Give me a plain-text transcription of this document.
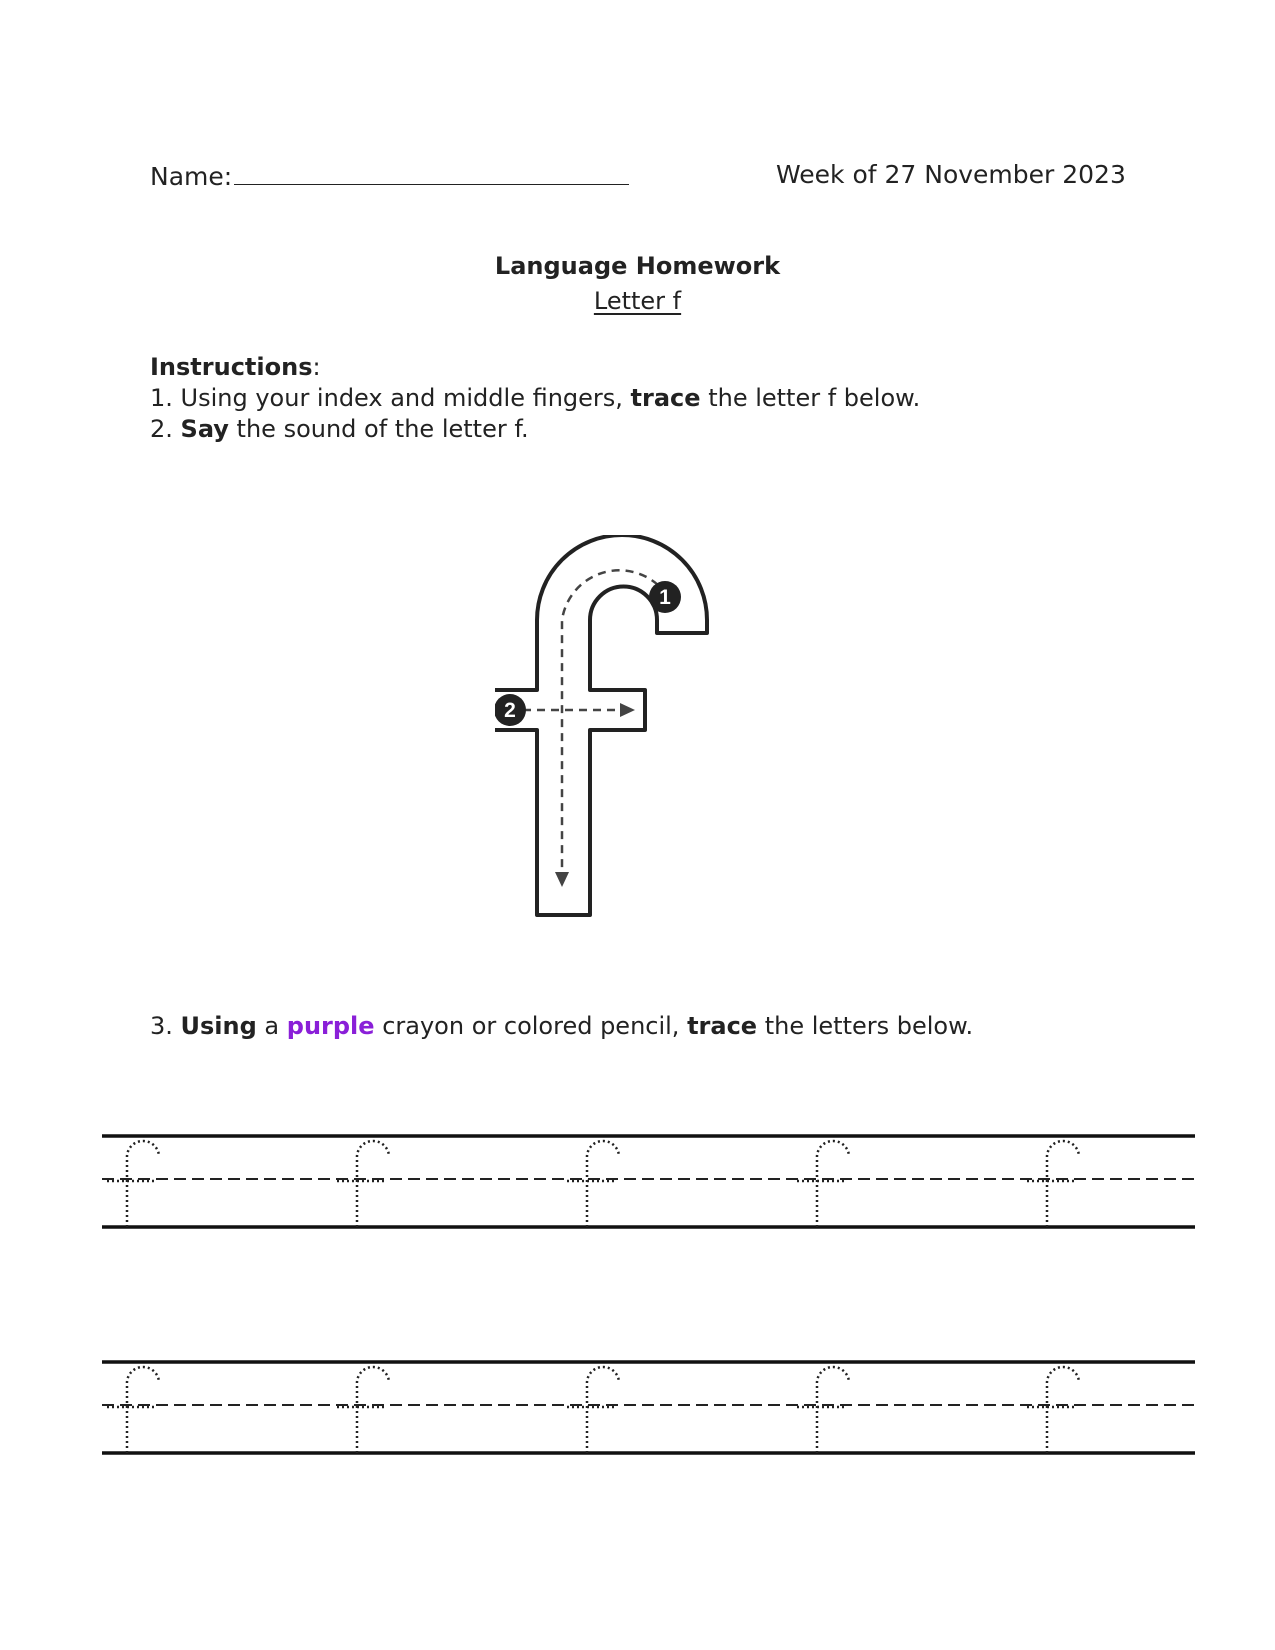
Name:	Week of 27 November 2023
Language Homework
Letter f
Instructions:
1. Using your index and middle fingers, trace the letter f below.
2. Say the sound of the letter f.
1
2
3. Using a purple crayon or colored pencil, trace the letters below.
